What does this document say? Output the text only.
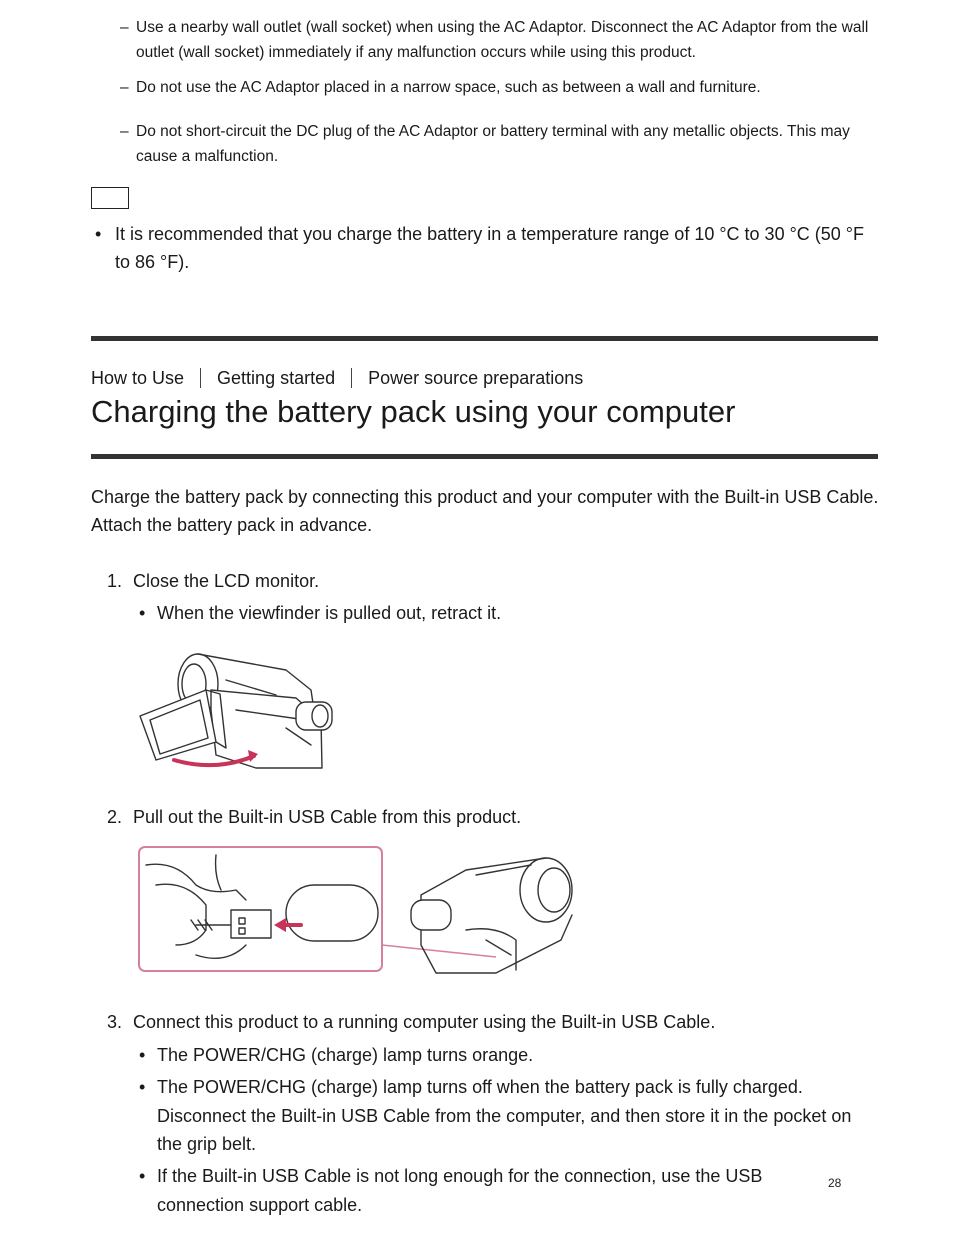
– Use a nearby wall outlet (wall socket) when using the AC Adaptor. Disconnect the AC Adaptor from the wall outlet (wall socket) immediately if any malfunction occurs while using this product.
– Do not use the AC Adaptor placed in a narrow space, such as between a wall and furniture.
– Do not short-circuit the DC plug of the AC Adaptor or battery terminal with any metallic objects. This may cause a malfunction.
• It is recommended that you charge the battery in a temperature range of 10 °C to 30 °C (50 °F to 86 °F).
How to Use Getting started Power source preparations
Charging the battery pack using your computer
Charge the battery pack by connecting this product and your computer with the Built-in USB Cable. Attach the battery pack in advance.
1. Close the LCD monitor.
• When the viewfinder is pulled out, retract it.
2. Pull out the Built-in USB Cable from this product.
3. Connect this product to a running computer using the Built-in USB Cable.
• The POWER/CHG (charge) lamp turns orange.
• The POWER/CHG (charge) lamp turns off when the battery pack is fully charged. Disconnect the Built-in USB Cable from the computer, and then store it in the pocket on the grip belt.
• If the Built-in USB Cable is not long enough for the connection, use the USB connection support cable.
28
